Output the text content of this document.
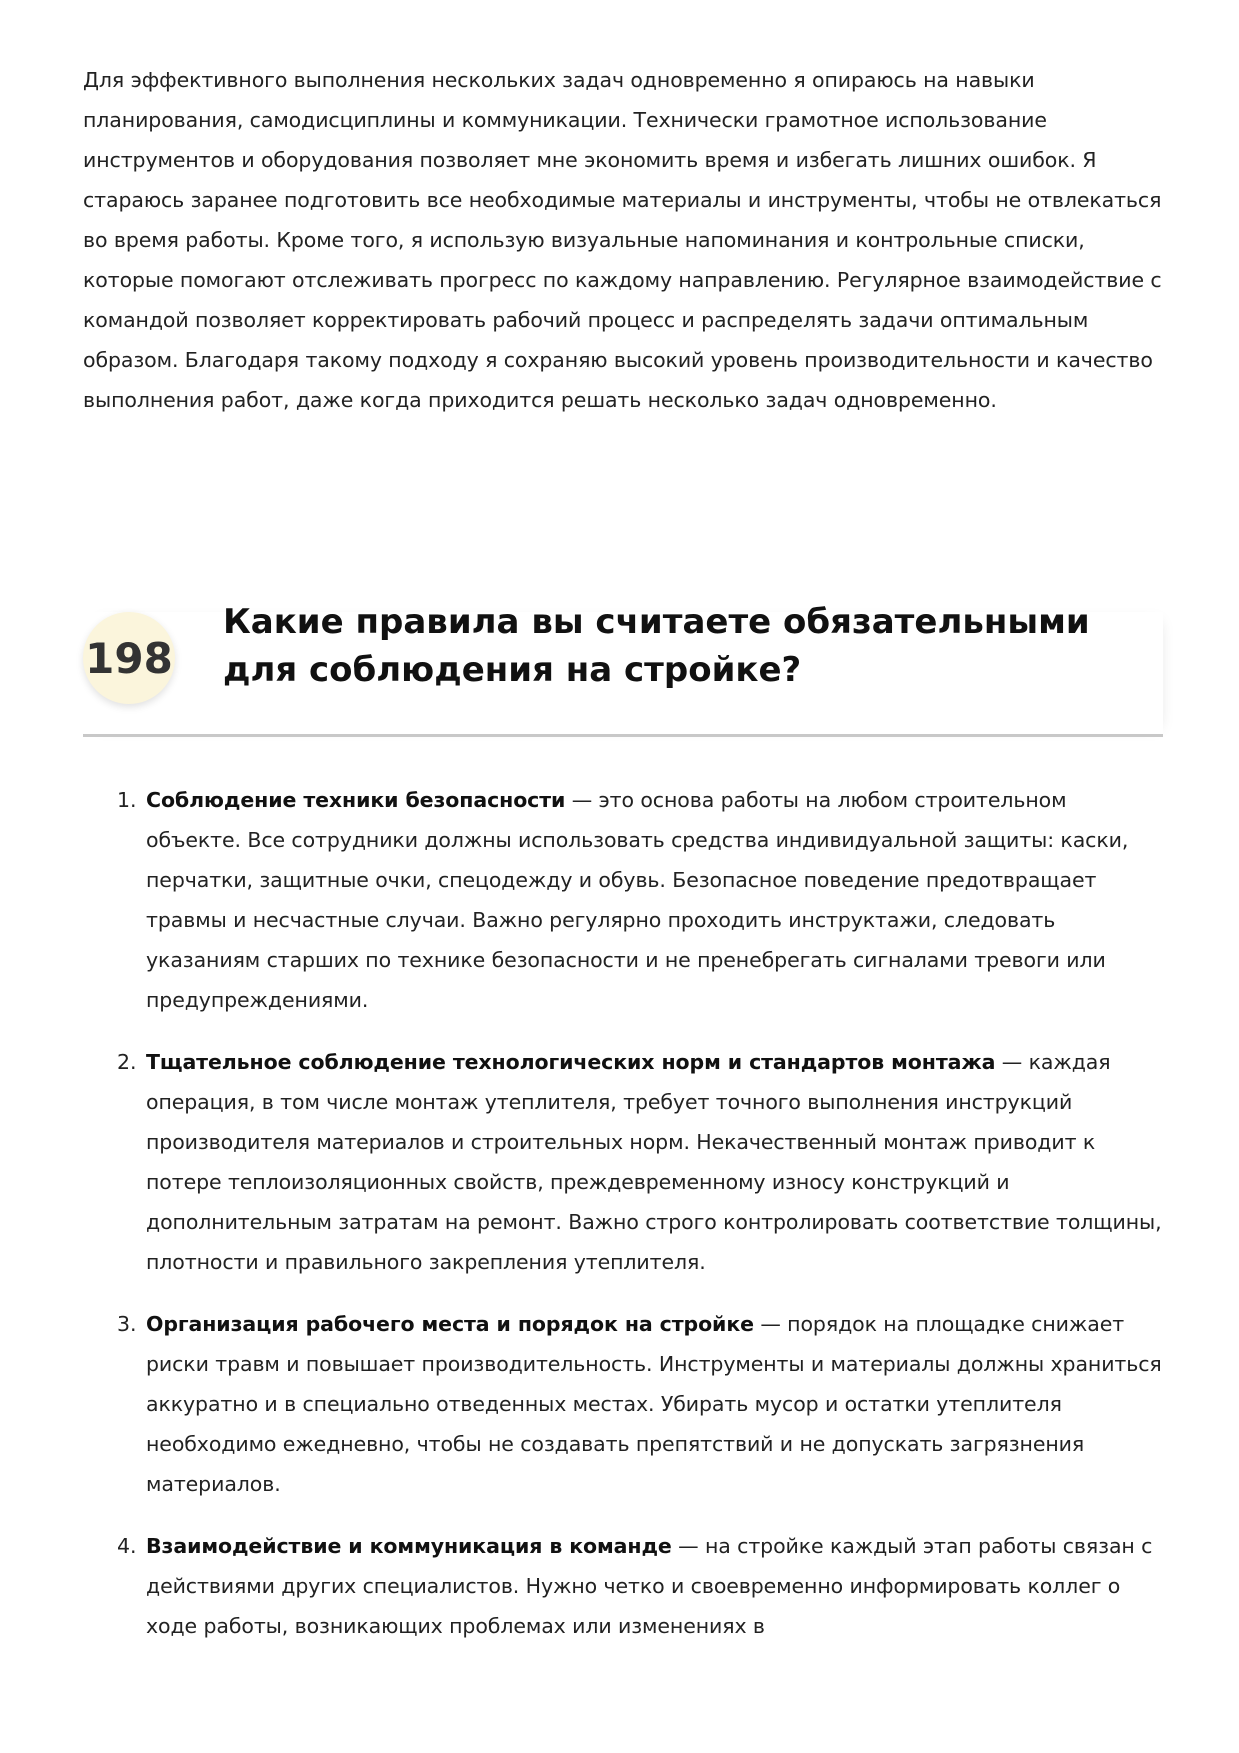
Для эффективного выполнения нескольких задач одновременно я опираюсь на навыки планирования, самодисциплины и коммуникации. Технически грамотное использование инструментов и оборудования позволяет мне экономить время и избегать лишних ошибок. Я стараюсь заранее подготовить все необходимые материалы и инструменты, чтобы не отвлекаться во время работы. Кроме того, я использую визуальные напоминания и контрольные списки, которые помогают отслеживать прогресс по каждому направлению. Регулярное взаимодействие с командой позволяет корректировать рабочий процесс и распределять задачи оптимальным образом. Благодаря такому подходу я сохраняю высокий уровень производительности и качество выполнения работ, даже когда приходится решать несколько задач одновременно.

198
Какие правила вы считаете обязательными для соблюдения на стройке?
1. Соблюдение техники безопасности — это основа работы на любом строительном объекте. Все сотрудники должны использовать средства индивидуальной защиты: каски, перчатки, защитные очки, спецодежду и обувь. Безопасное поведение предотвращает травмы и несчастные случаи. Важно регулярно проходить инструктажи, следовать указаниям старших по технике безопасности и не пренебрегать сигналами тревоги или предупреждениями.
2. Тщательное соблюдение технологических норм и стандартов монтажа — каждая операция, в том числе монтаж утеплителя, требует точного выполнения инструкций производителя материалов и строительных норм. Некачественный монтаж приводит к потере теплоизоляционных свойств, преждевременному износу конструкций и дополнительным затратам на ремонт. Важно строго контролировать соответствие толщины, плотности и правильного закрепления утеплителя.
3. Организация рабочего места и порядок на стройке — порядок на площадке снижает риски травм и повышает производительность. Инструменты и материалы должны храниться аккуратно и в специально отведенных местах. Убирать мусор и остатки утеплителя необходимо ежедневно, чтобы не создавать препятствий и не допускать загрязнения материалов.
4. Взаимодействие и коммуникация в команде — на стройке каждый этап работы связан с действиями других специалистов. Нужно четко и своевременно информировать коллег о ходе работы, возникающих проблемах или изменениях в
